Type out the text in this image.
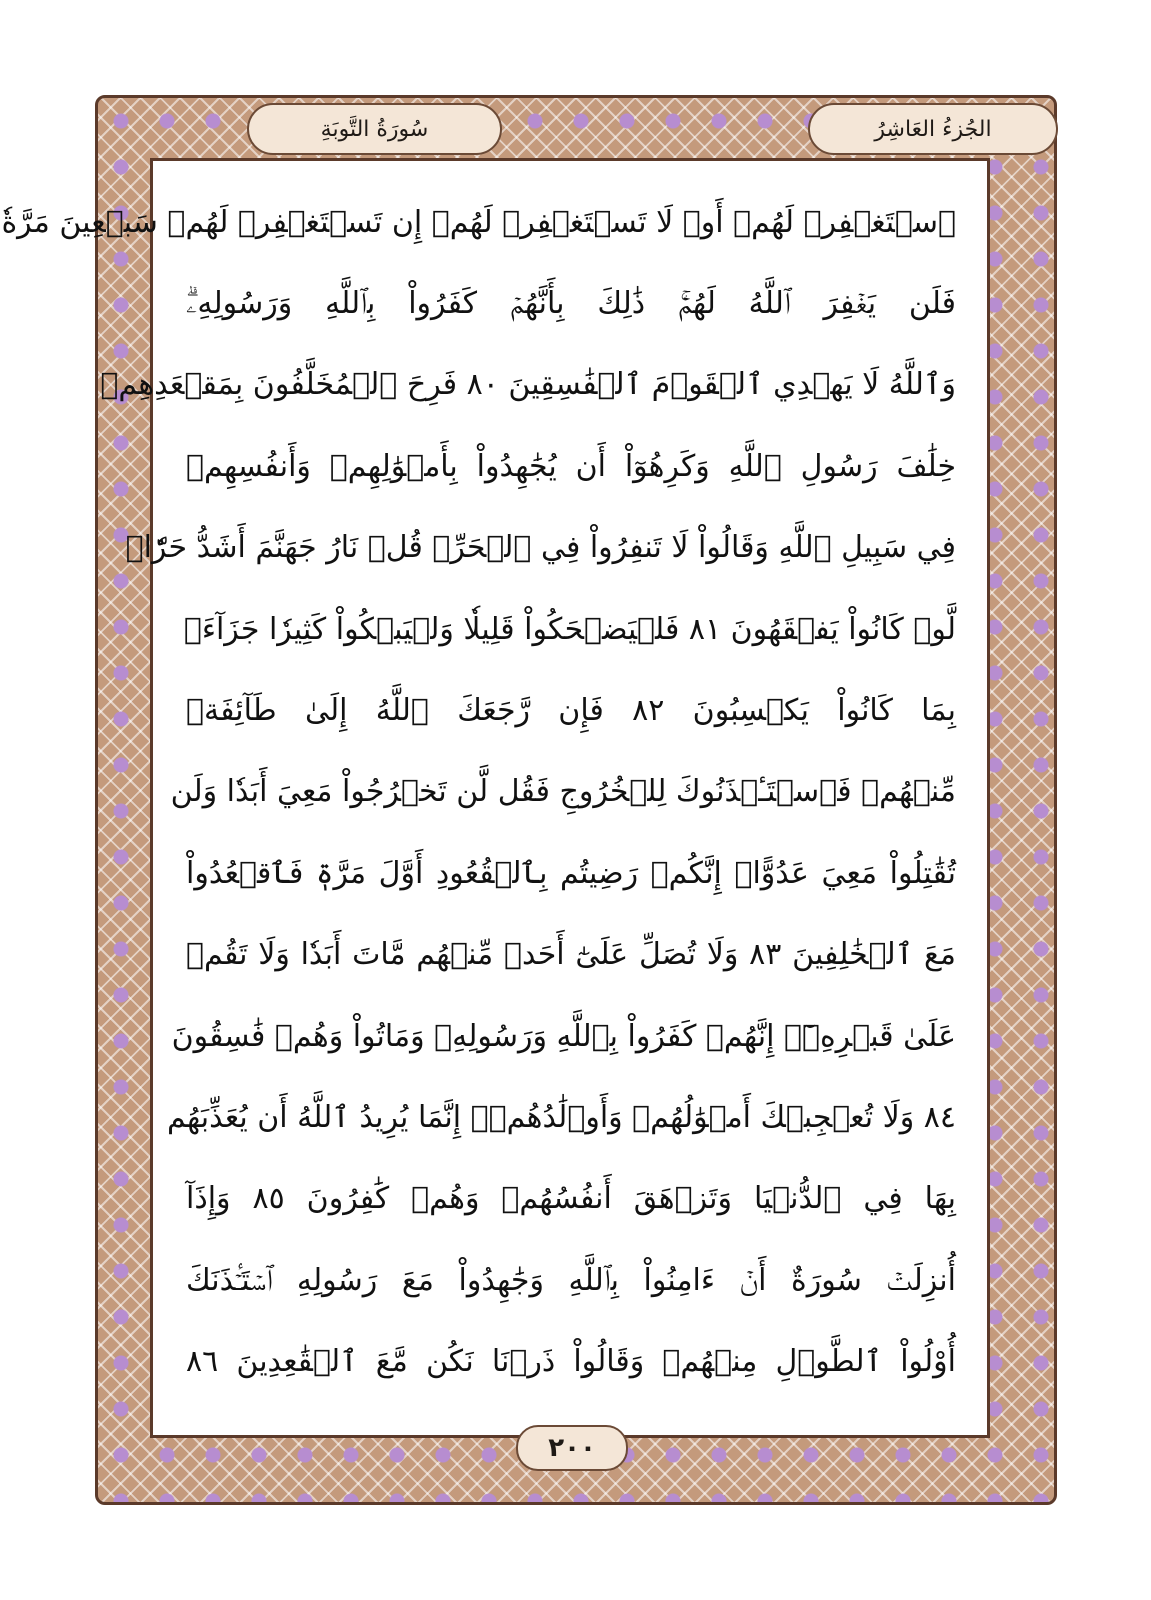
الجُزءُ العَاشِرُ
سُورَةُ التَّوبَةِ
ٱسۡتَغۡفِرۡ لَهُمۡ أَوۡ لَا تَسۡتَغۡفِرۡ لَهُمۡ إِن تَسۡتَغۡفِرۡ لَهُمۡ سَبۡعِينَ مَرَّةٗ
فَلَن يَغۡفِرَ ٱللَّهُ لَهُمۡۚ ذَٰلِكَ بِأَنَّهُمۡ كَفَرُواْ بِٱللَّهِ وَرَسُولِهِۦۗ
وَٱللَّهُ لَا يَهۡدِي ٱلۡقَوۡمَ ٱلۡفَٰسِقِينَ ٨٠ فَرِحَ ٱلۡمُخَلَّفُونَ بِمَقۡعَدِهِمۡ
خِلَٰفَ رَسُولِ ٱللَّهِ وَكَرِهُوٓاْ أَن يُجَٰهِدُواْ بِأَمۡوَٰلِهِمۡ وَأَنفُسِهِمۡ
فِي سَبِيلِ ٱللَّهِ وَقَالُواْ لَا تَنفِرُواْ فِي ٱلۡحَرِّۗ قُلۡ نَارُ جَهَنَّمَ أَشَدُّ حَرّٗاۚ
لَّوۡ كَانُواْ يَفۡقَهُونَ ٨١ فَلۡيَضۡحَكُواْ قَلِيلٗا وَلۡيَبۡكُواْ كَثِيرٗا جَزَآءَۢ
بِمَا كَانُواْ يَكۡسِبُونَ ٨٢ فَإِن رَّجَعَكَ ٱللَّهُ إِلَىٰ طَآئِفَةٖ
مِّنۡهُمۡ فَٱسۡتَـٔۡذَنُوكَ لِلۡخُرُوجِ فَقُل لَّن تَخۡرُجُواْ مَعِيَ أَبَدٗا وَلَن
تُقَٰتِلُواْ مَعِيَ عَدُوًّاۖ إِنَّكُمۡ رَضِيتُم بِٱلۡقُعُودِ أَوَّلَ مَرَّةٖ فَٱقۡعُدُواْ
مَعَ ٱلۡخَٰلِفِينَ ٨٣ وَلَا تُصَلِّ عَلَىٰٓ أَحَدٖ مِّنۡهُم مَّاتَ أَبَدٗا وَلَا تَقُمۡ
عَلَىٰ قَبۡرِهِۦٓۖ إِنَّهُمۡ كَفَرُواْ بِٱللَّهِ وَرَسُولِهِۦ وَمَاتُواْ وَهُمۡ فَٰسِقُونَ
٨٤ وَلَا تُعۡجِبۡكَ أَمۡوَٰلُهُمۡ وَأَوۡلَٰدُهُمۡۚ إِنَّمَا يُرِيدُ ٱللَّهُ أَن يُعَذِّبَهُم
بِهَا فِي ٱلدُّنۡيَا وَتَزۡهَقَ أَنفُسُهُمۡ وَهُمۡ كَٰفِرُونَ ٨٥ وَإِذَآ
أُنزِلَتۡ سُورَةٌ أَنۡ ءَامِنُواْ بِٱللَّهِ وَجَٰهِدُواْ مَعَ رَسُولِهِ ٱسۡتَـٔۡذَنَكَ
أُوْلُواْ ٱلطَّوۡلِ مِنۡهُمۡ وَقَالُواْ ذَرۡنَا نَكُن مَّعَ ٱلۡقَٰعِدِينَ ٨٦
٢٠٠
